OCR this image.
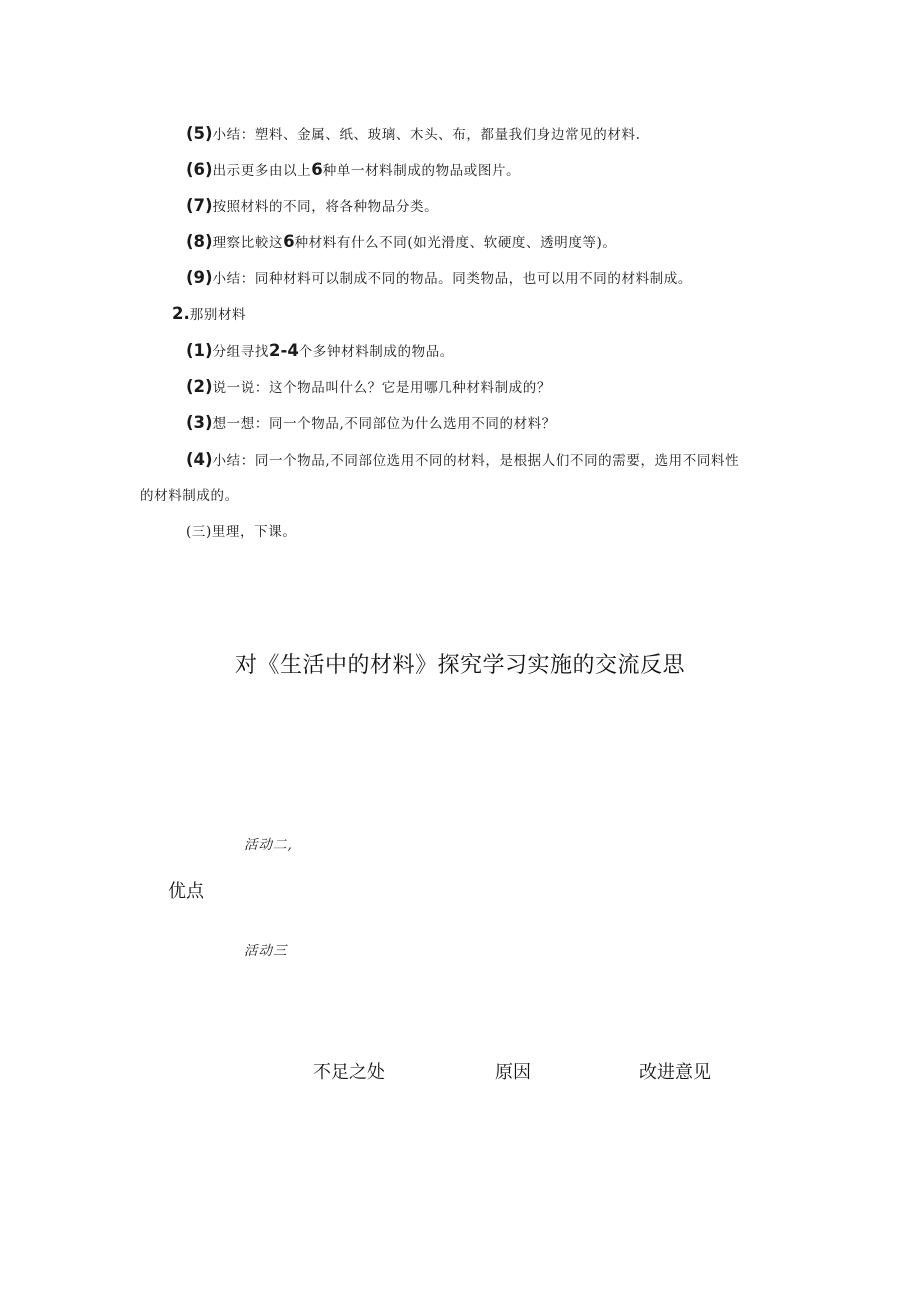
(5)小结：塑料、金属、纸、玻璃、木头、布，都量我们身边常见的材料.
(6)出示更多由以上6种单一材料制成的物品或图片。
(7)按照材料的不同，将各种物品分类。
(8)理察比較这6种材料有什么不同(如光滑度、软硬度、透明度等)。
(9)小结：同种材料可以制成不同的物品。同类物品，也可以用不同的材料制成。
2.那别材料
(1)分组寻找2-4个多钟材料制成的物品。
(2)说一说：这个物品叫什么？它是用哪几种材料制成的？
(3)想一想：同一个物品,不同部位为什么选用不同的材料？
(4)小结：同一个物品,不同部位选用不同的材料，是根据人们不同的需要，选用不同料性
的材料制成的。
(三)里理，下课。
对《生活中的材料》探究学习实施的交流反思
活动二,
优点
活动三
不足之处	原因	改进意见
